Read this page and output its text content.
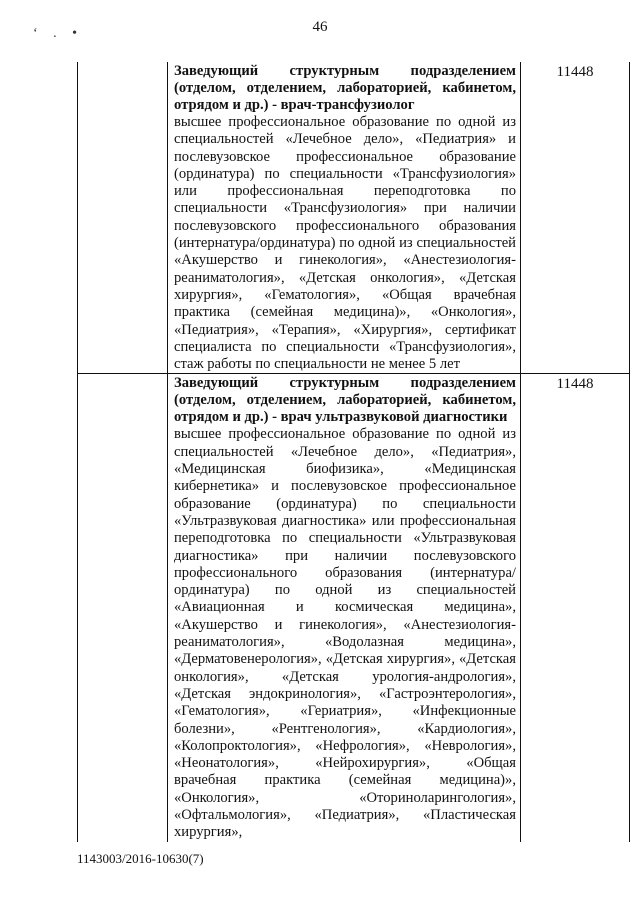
‘ . •	46

	Заведующий структурным подразделением (отделом, отделением, лабораторией, кабинетом, отрядом и др.) - врач-трансфузиолог
высшее профессиональное образование по одной из специальностей «Лечебное дело», «Педиатрия» и послевузовское профессиональное образование (ординатура) по специальности «Трансфузиология» или профессиональная переподготовка по специальности «Трансфузиология» при наличии послевузовского профессионального образования (интернатура/ординатура) по одной из специальностей «Акушерство и гинекология», «Анестезиология-реаниматология», «Детская онкология», «Детская хирургия», «Гематология», «Общая врачебная практика (семейная медицина)», «Онкология», «Педиатрия», «Терапия», «Хирургия», сертификат специалиста по специальности «Трансфузиология», стаж работы по специальности не менее 5 лет	11448

	Заведующий структурным подразделением (отделом, отделением, лабораторией, кабинетом, отрядом и др.) - врач ультразвуковой диагностики
высшее профессиональное образование по одной из специальностей «Лечебное дело», «Педиатрия», «Медицинская биофизика», «Медицинская кибернетика» и послевузовское профессиональное образование (ординатура) по специальности «Ультразвуковая диагностика» или профессиональная переподготовка по специальности «Ультразвуковая диагностика» при наличии послевузовского профессионального образования (интернатура/ординатура) по одной из специальностей «Авиационная и космическая медицина», «Акушерство и гинекология», «Анестезиология-реаниматология», «Водолазная медицина», «Дерматовенерология», «Детская хирургия», «Детская онкология», «Детская урология-андрология», «Детская эндокринология», «Гастроэнтерология», «Гематология», «Гериатрия», «Инфекционные болезни», «Рентгенология», «Кардиология», «Колопроктология», «Нефрология», «Неврология», «Неонатология», «Нейрохирургия», «Общая врачебная практика (семейная медицина)», «Онкология», «Оториноларингология», «Офтальмология», «Педиатрия», «Пластическая хирургия»,	11448
1143003/2016-10630(7)
